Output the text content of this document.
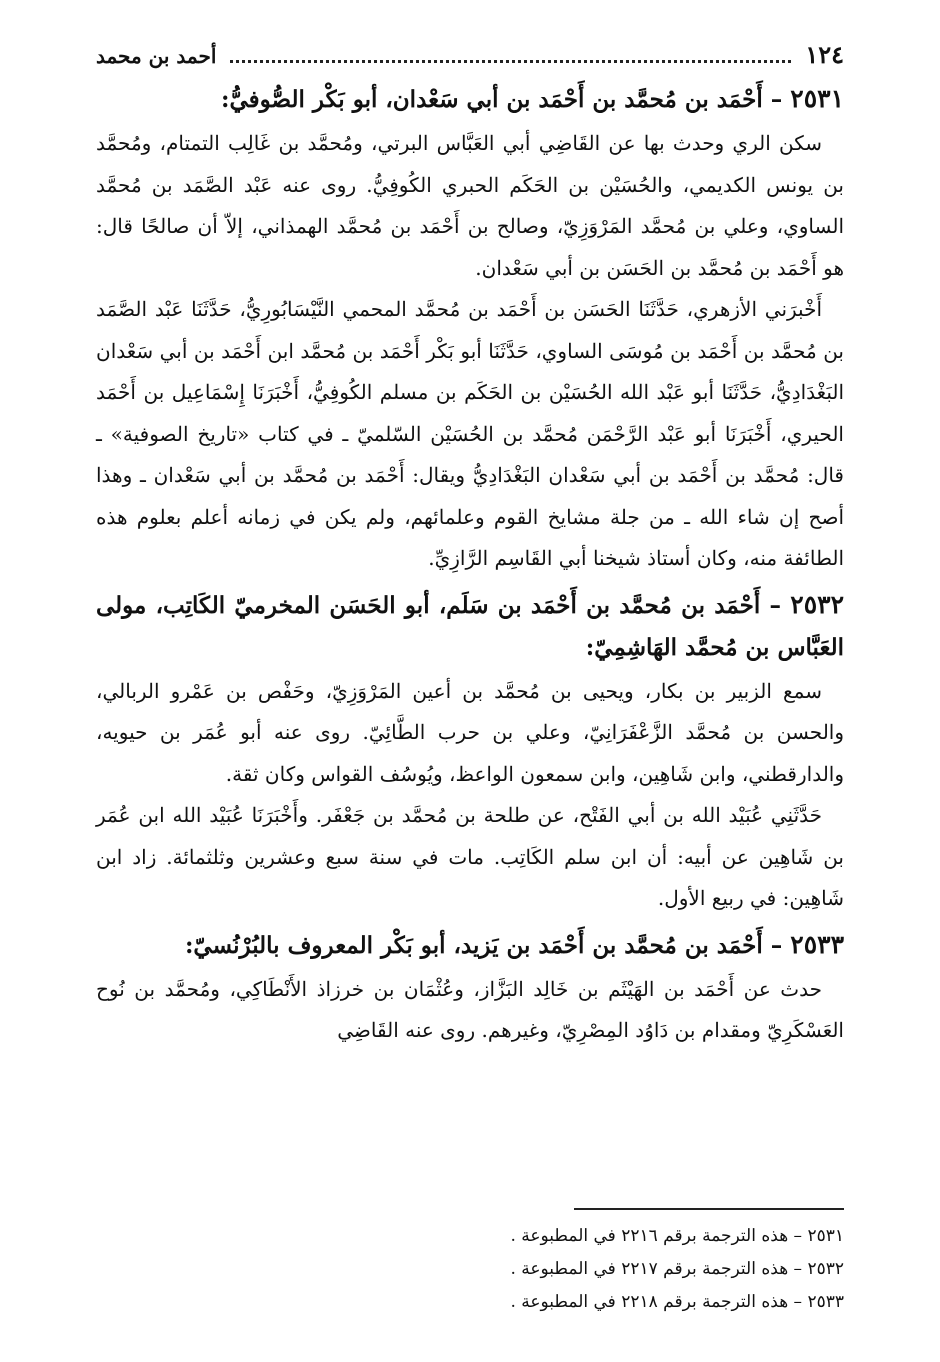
١٢٤
أحمد بن محمد
٢٥٣١ – أَحْمَد بن مُحمَّد بن أَحْمَد بن أبي سَعْدان، أبو بَكْر الصُّوفيُّ:

سكن الري وحدث بها عن القَاضِي أبي العَبَّاس البرتي، ومُحمَّد بن غَالِب التمتام، ومُحمَّد بن يونس الكديمي، والحُسَيْن بن الحَكَم الحبري الكُوفِيُّ. روى عنه عَبْد الصَّمَد بن مُحمَّد الساوي، وعلي بن مُحمَّد المَرْوَزِيّ، وصالح بن أَحْمَد بن مُحمَّد الهمذاني، إلاّ أن صالحًا قال: هو أَحْمَد بن مُحمَّد بن الحَسَن بن أبي سَعْدان.

أَخْبرَني الأزهري، حَدَّثَنَا الحَسَن بن أَحْمَد بن مُحمَّد المحمي النَّيْسَابُورِيُّ، حَدَّثَنَا عَبْد الصَّمَد بن مُحمَّد بن أَحْمَد بن مُوسَى الساوي، حَدَّثَنَا أبو بَكْر أَحْمَد بن مُحمَّد ابن أَحْمَد بن أبي سَعْدان البَغْدَادِيُّ، حَدَّثَنَا أبو عَبْد الله الحُسَيْن بن الحَكَم بن مسلم الكُوفِيُّ، أَخْبَرَنَا إِسْمَاعِيل بن أَحْمَد الحيري، أَخْبَرَنَا أبو عَبْد الرَّحْمَن مُحمَّد بن الحُسَيْن السّلميّ ـ في كتاب «تاريخ الصوفية» ـ قال: مُحمَّد بن أَحْمَد بن أبي سَعْدان البَغْدَادِيُّ ويقال: أَحْمَد بن مُحمَّد بن أبي سَعْدان ـ وهذا أصح إن شاء الله ـ من جلة مشايخ القوم وعلمائهم، ولم يكن في زمانه أعلم بعلوم هذه الطائفة منه، وكان أستاذ شيخنا أبي القَاسِم الرَّازِيِّ.

٢٥٣٢ – أَحْمَد بن مُحمَّد بن أَحْمَد بن سَلَم، أبو الحَسَن المخرميّ الكَاتِب، مولى العَبَّاس بن مُحمَّد الهَاشِمِيّ:

سمع الزبير بن بكار، ويحيى بن مُحمَّد بن أعين المَرْوَزِيّ، وحَفْص بن عَمْرو الربالي، والحسن بن مُحمَّد الزَّعْفَرَانِيّ، وعلي بن حرب الطَّائِيّ. روى عنه أبو عُمَر بن حيويه، والدارقطني، وابن شَاهِين، وابن سمعون الواعظ، ويُوسُف القواس وكان ثقة.

حَدَّثَنِي عُبَيْد الله بن أبي الفَتْح، عن طلحة بن مُحمَّد بن جَعْفَر. وأَخْبَرَنَا عُبَيْد الله ابن عُمَر بن شَاهِين عن أبيه: أن ابن سلم الكَاتِب. مات في سنة سبع وعشرين وثلثمائة. زاد ابن شَاهِين: في ربيع الأول.

٢٥٣٣ – أَحْمَد بن مُحمَّد بن أَحْمَد بن يَزيد، أبو بَكْر المعروف بالبُرْنُسيّ:

حدث عن أَحْمَد بن الهَيْثَم بن خَالِد البَزَّاز، وعُثْمَان بن خرزاذ الأَنْطَاكِي، ومُحمَّد بن نُوح العَسْكَرِيّ ومقدام بن دَاوُد المِصْرِيّ، وغيرهم. روى عنه القَاضِي

٢٥٣١ – هذه الترجمة برقم ٢٢١٦ في المطبوعة .

٢٥٣٢ – هذه الترجمة برقم ٢٢١٧ في المطبوعة .

٢٥٣٣ – هذه الترجمة برقم ٢٢١٨ في المطبوعة .
